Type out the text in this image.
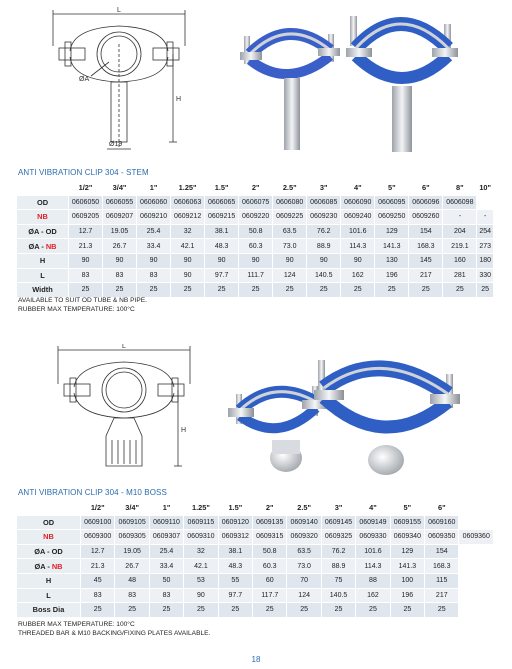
L
H
ØA
Ø19
ANTI VIBRATION CLIP 304 - STEM
	1/2"	3/4"	1"	1.25"	1.5"	2"	2.5"	3"	4"	5"	6"	8"	10"
OD	0606050	0606055	0606060	0606063	0606065	0606075	0606080	0606085	0606090	0606095	0606096	0606098	
NB	0609205	0609207	0609210	0609212	0609215	0609220	0609225	0609230	0609240	0609250	0609260	-	-
ØA - OD	12.7	19.05	25.4	32	38.1	50.8	63.5	76.2	101.6	129	154	204	254
ØA - NB	21.3	26.7	33.4	42.1	48.3	60.3	73.0	88.9	114.3	141.3	168.3	219.1	273
H	90	90	90	90	90	90	90	90	90	130	145	160	180
L	83	83	83	90	97.7	111.7	124	140.5	162	196	217	281	330
Width	25	25	25	25	25	25	25	25	25	25	25	25	25
AVAILABLE TO SUIT OD TUBE & NB PIPE.
RUBBER MAX TEMPERATURE: 100°C
L
H
ANTI VIBRATION CLIP 304 - M10 BOSS
	1/2"	3/4"	1"	1.25"	1.5"	2"	2.5"	3"	4"	5"	6"	
OD	0609100	0609105	0609110	0609115	0609120	0609135	0609140	0609145	0609149	0609155	0609160	
NB	0609300	0609305	0609307	0609310	0609312	0609315	0609320	0609325	0609330	0609340	0609350	0609360
ØA - OD	12.7	19.05	25.4	32	38.1	50.8	63.5	76.2	101.6	129	154	
ØA - NB	21.3	26.7	33.4	42.1	48.3	60.3	73.0	88.9	114.3	141.3	168.3	
H	45	48	50	53	55	60	70	75	88	100	115	
L	83	83	83	90	97.7	117.7	124	140.5	162	196	217	
Boss Dia	25	25	25	25	25	25	25	25	25	25	25	
RUBBER MAX TEMPERATURE: 100°C
THREADED BAR & M10 BACKING/FIXING PLATES AVAILABLE.
18
